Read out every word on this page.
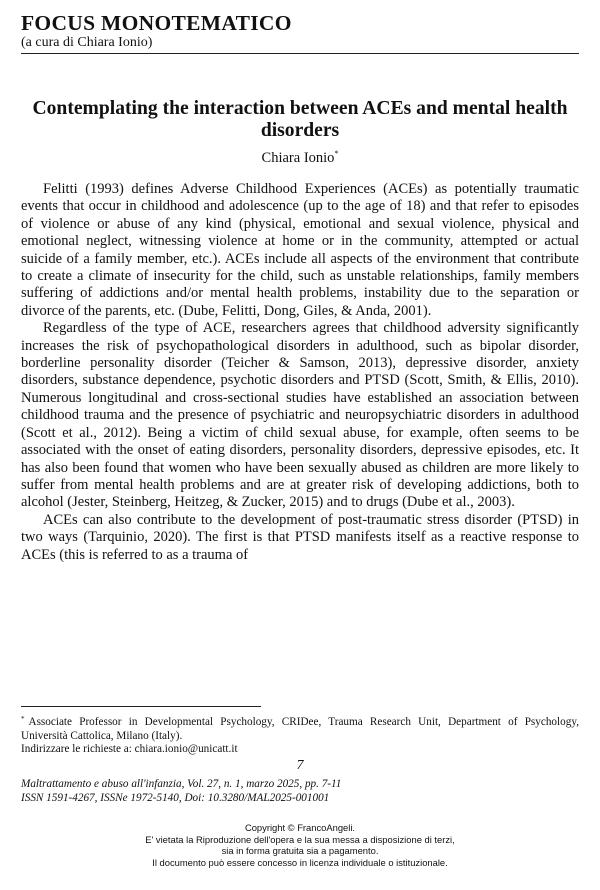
FOCUS MONOTEMATICO
(a cura di Chiara Ionio)
Contemplating the interaction between ACEs and mental health disorders
Chiara Ionio*

Felitti (1993) defines Adverse Childhood Experiences (ACEs) as potentially traumatic events that occur in childhood and adolescence (up to the age of 18) and that refer to episodes of violence or abuse of any kind (physical, emotional and sexual violence, physical and emotional neglect, witnessing violence at home or in the community, attempted or actual suicide of a family member, etc.). ACEs include all aspects of the environment that contribute to create a climate of insecurity for the child, such as unstable relationships, family members suffering of addictions and/or mental health problems, instability due to the separation or divorce of the parents, etc. (Dube, Felitti, Dong, Giles, & Anda, 2001).

Regardless of the type of ACE, researchers agrees that childhood adversity significantly increases the risk of psychopathological disorders in adulthood, such as bipolar disorder, borderline personality disorder (Teicher & Samson, 2013), depressive disorder, anxiety disorders, substance dependence, psychotic disorders and PTSD (Scott, Smith, & Ellis, 2010). Numerous longitudinal and cross-sectional studies have established an association between childhood trauma and the presence of psychiatric and neuropsychiatric disorders in adulthood (Scott et al., 2012). Being a victim of child sexual abuse, for example, often seems to be associated with the onset of eating disorders, personality disorders, depressive episodes, etc. It has also been found that women who have been sexually abused as children are more likely to suffer from mental health problems and are at greater risk of developing addictions, both to alcohol (Jester, Steinberg, Heitzeg, & Zucker, 2015) and to drugs (Dube et al., 2003).

ACEs can also contribute to the development of post-traumatic stress disorder (PTSD) in two ways (Tarquinio, 2020). The first is that PTSD manifests itself as a reactive response to ACEs (this is referred to as a trauma of

* Associate Professor in Developmental Psychology, CRIDee, Trauma Research Unit, Department of Psychology, Università Cattolica, Milano (Italy).
Indirizzare le richieste a: chiara.ionio@unicatt.it
7
Maltrattamento e abuso all'infanzia, Vol. 27, n. 1, marzo 2025, pp. 7-11
ISSN 1591-4267, ISSNe 1972-5140, Doi: 10.3280/MAL2025-001001
Copyright © FrancoAngeli.
E' vietata la Riproduzione dell'opera e la sua messa a disposizione di terzi,
sia in forma gratuita sia a pagamento.
Il documento può essere concesso in licenza individuale o istituzionale.
